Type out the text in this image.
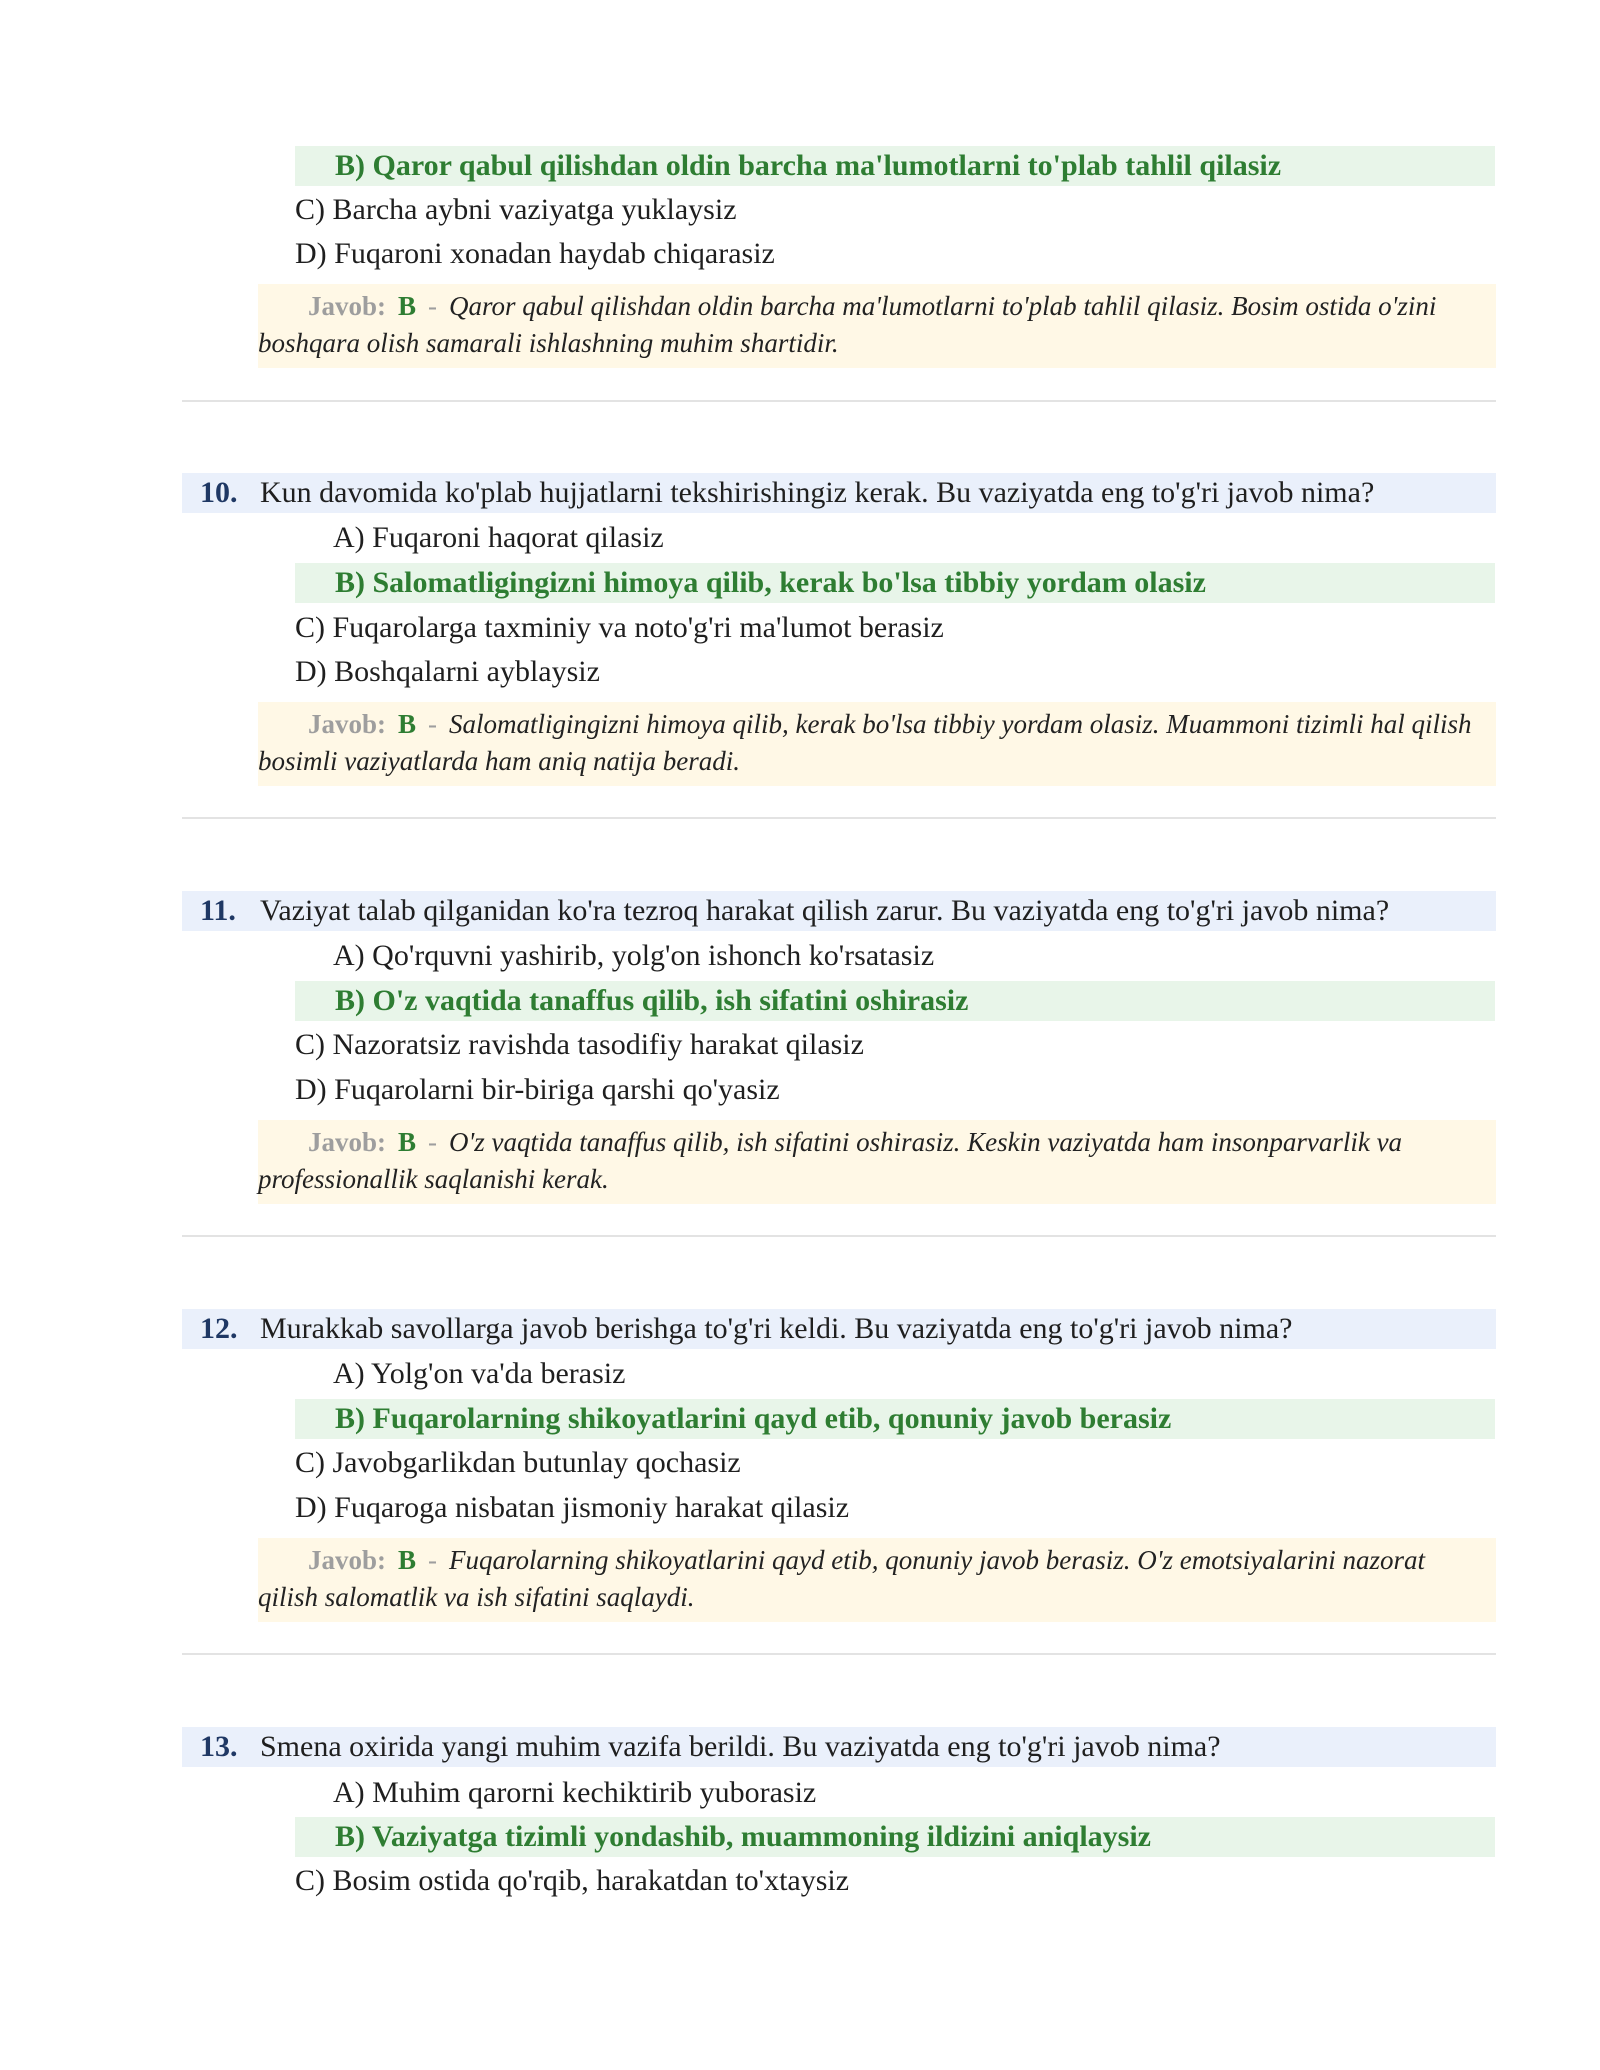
B) Qaror qabul qilishdan oldin barcha ma'lumotlarni to'plab tahlil qilasiz
C) Barcha aybni vaziyatga yuklaysiz
D) Fuqaroni xonadan haydab chiqarasiz
Javob: B - Qaror qabul qilishdan oldin barcha ma'lumotlarni to'plab tahlil qilasiz. Bosim ostida o'zini boshqara olish samarali ishlashning muhim shartidir.
10. Kun davomida ko'plab hujjatlarni tekshirishingiz kerak. Bu vaziyatda eng to'g'ri javob nima?
A) Fuqaroni haqorat qilasiz
B) Salomatligingizni himoya qilib, kerak bo'lsa tibbiy yordam olasiz
C) Fuqarolarga taxminiy va noto'g'ri ma'lumot berasiz
D) Boshqalarni ayblaysiz
Javob: B - Salomatligingizni himoya qilib, kerak bo'lsa tibbiy yordam olasiz. Muammoni tizimli hal qilish bosimli vaziyatlarda ham aniq natija beradi.
11. Vaziyat talab qilganidan ko'ra tezroq harakat qilish zarur. Bu vaziyatda eng to'g'ri javob nima?
A) Qo'rquvni yashirib, yolg'on ishonch ko'rsatasiz
B) O'z vaqtida tanaffus qilib, ish sifatini oshirasiz
C) Nazoratsiz ravishda tasodifiy harakat qilasiz
D) Fuqarolarni bir-biriga qarshi qo'yasiz
Javob: B - O'z vaqtida tanaffus qilib, ish sifatini oshirasiz. Keskin vaziyatda ham insonparvarlik va professionallik saqlanishi kerak.
12. Murakkab savollarga javob berishga to'g'ri keldi. Bu vaziyatda eng to'g'ri javob nima?
A) Yolg'on va'da berasiz
B) Fuqarolarning shikoyatlarini qayd etib, qonuniy javob berasiz
C) Javobgarlikdan butunlay qochasiz
D) Fuqaroga nisbatan jismoniy harakat qilasiz
Javob: B - Fuqarolarning shikoyatlarini qayd etib, qonuniy javob berasiz. O'z emotsiyalarini nazorat qilish salomatlik va ish sifatini saqlaydi.
13. Smena oxirida yangi muhim vazifa berildi. Bu vaziyatda eng to'g'ri javob nima?
A) Muhim qarorni kechiktirib yuborasiz
B) Vaziyatga tizimli yondashib, muammoning ildizini aniqlaysiz
C) Bosim ostida qo'rqib, harakatdan to'xtaysiz
